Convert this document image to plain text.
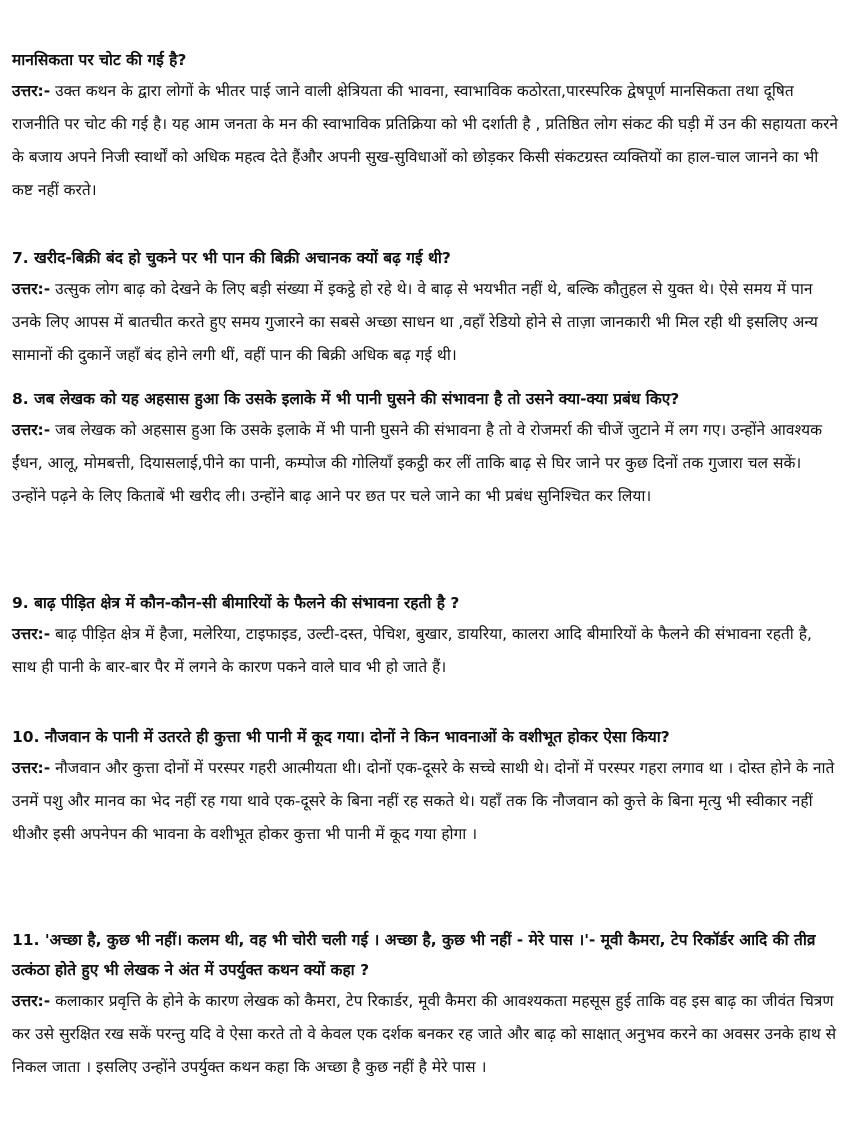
मानसिकता पर चोट की गई है?

उत्तर:- उक्त कथन के द्वारा लोगों के भीतर पाई जाने वाली क्षेत्रियता की भावना, स्वाभाविक कठोरता,पारस्परिक द्वेषपूर्ण मानसिकता तथा दूषित राजनीति पर चोट की गई है। यह आम जनता के मन की स्वाभाविक प्रतिक्रिया को भी दर्शाती है , प्रतिष्ठित लोग संकट की घड़ी में उन की सहायता करने के बजाय अपने निजी स्वार्थों को अधिक महत्व देते हैंऔर अपनी सुख-सुविधाओं को छोड़कर किसी संकटग्रस्त व्यक्तियों का हाल-चाल जानने का भी कष्ट नहीं करते।

7. खरीद-बिक्री बंद हो चुकने पर भी पान की बिक्री अचानक क्यों बढ़ गई थी?

उत्तर:- उत्सुक लोग बाढ़ को देखने के लिए बड़ी संख्या में इकट्ठे हो रहे थे। वे बाढ़ से भयभीत नहीं थे, बल्कि कौतुहल से युक्त थे। ऐसे समय में पान उनके लिए आपस में बातचीत करते हुए समय गुजारने का सबसे अच्छा साधन था ,वहाँ रेडियो होने से ताज़ा जानकारी भी मिल रही थी इसलिए अन्य सामानों की दुकानें जहाँ बंद होने लगी थीं, वहीं पान की बिक्री अधिक बढ़ गई थी।

8. जब लेखक को यह अहसास हुआ कि उसके इलाके में भी पानी घुसने की संभावना है तो उसने क्या-क्या प्रबंध किए?

उत्तर:- जब लेखक को अहसास हुआ कि उसके इलाके में भी पानी घुसने की संभावना है तो वे रोजमर्रा की चीजें जुटाने में लग गए। उन्होंने आवश्यक ईंधन, आलू, मोमबत्ती, दियासलाई,पीने का पानी, कम्पोज की गोलियाँ इकट्ठी कर लीं ताकि बाढ़ से घिर जाने पर कुछ दिनों तक गुजारा चल सकें। उन्होंने पढ़ने के लिए किताबें भी खरीद ली। उन्होंने बाढ़ आने पर छत पर चले जाने का भी प्रबंध सुनिश्चित कर लिया।

9. बाढ़ पीड़ित क्षेत्र में कौन-कौन-सी बीमारियों के फैलने की संभावना रहती है ?

उत्तर:- बाढ़ पीड़ित क्षेत्र में हैजा, मलेरिया, टाइफाइड, उल्टी-दस्त, पेचिश, बुखार, डायरिया, कालरा आदि बीमारियों के फैलने की संभावना रहती है, साथ ही पानी के बार-बार पैर में लगने के कारण पकने वाले घाव भी हो जाते हैं।

10. नौजवान के पानी में उतरते ही कुत्ता भी पानी में कूद गया। दोनों ने किन भावनाओं के वशीभूत होकर ऐसा किया?

उत्तर:- नौजवान और कुत्ता दोनों में परस्पर गहरी आत्मीयता थी। दोनों एक-दूसरे के सच्चे साथी थे। दोनों में परस्पर गहरा लगाव था । दोस्त होने के नाते उनमें पशु और मानव का भेद नहीं रह गया थावे एक-दूसरे के बिना नहीं रह सकते थे। यहाँ तक कि नौजवान को कुत्ते के बिना मृत्यु भी स्वीकार नहीं थीऔर इसी अपनेपन की भावना के वशीभूत होकर कुत्ता भी पानी में कूद गया होगा ।

11. 'अच्छा है, कुछ भी नहीं। कलम थी, वह भी चोरी चली गई । अच्छा है, कुछ भी नहीं - मेरे पास ।'- मूवी कैमरा, टेप रिकॉर्डर आदि की तीव्र उत्कंठा होते हुए भी लेखक ने अंत में उपर्युक्त कथन क्यों कहा ?

उत्तर:- कलाकार प्रवृत्ति के होने के कारण लेखक को कैमरा, टेप रिकार्डर, मूवी कैमरा की आवश्यकता महसूस हुई ताकि वह इस बाढ़ का जीवंत चित्रण कर उसे सुरक्षित रख सकें परन्तु यदि वे ऐसा करते तो वे केवल एक दर्शक बनकर रह जाते और बाढ़ को साक्षात् अनुभव करने का अवसर उनके हाथ से निकल जाता । इसलिए उन्होंने उपर्युक्त कथन कहा कि अच्छा है कुछ नहीं है मेरे पास ।
